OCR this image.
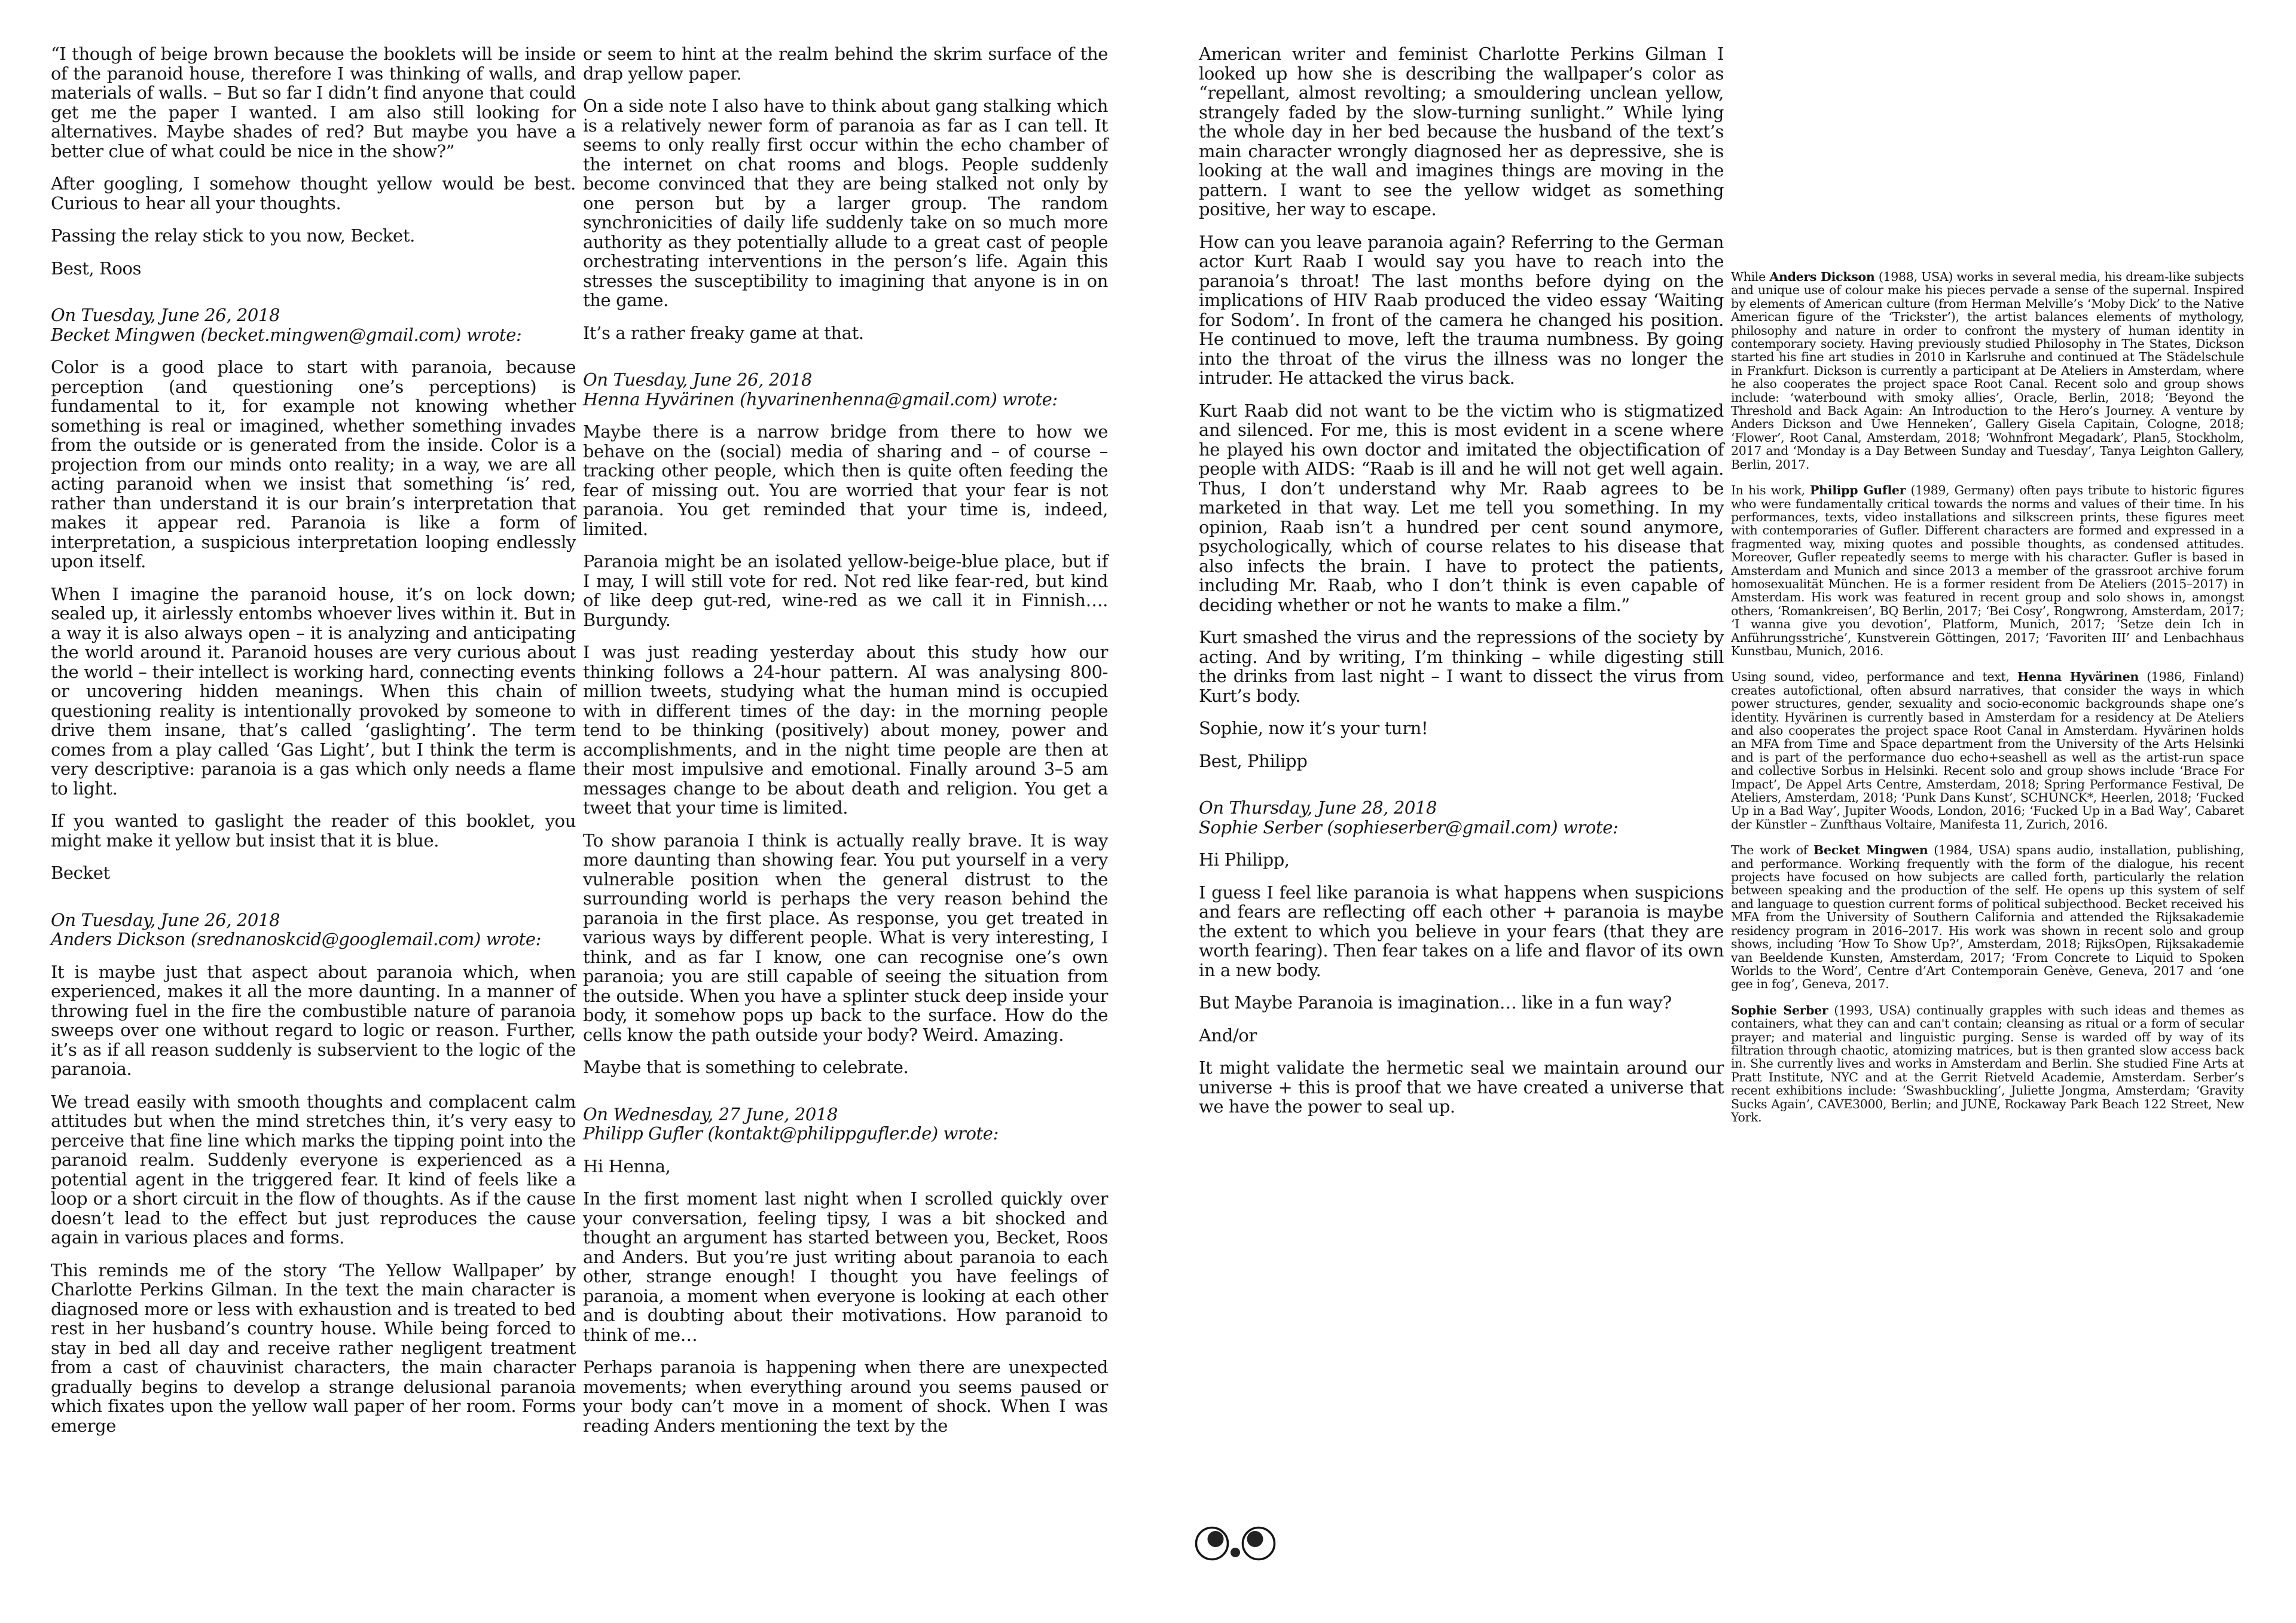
“I though of beige brown because the booklets will be inside of the paranoid house, therefore I was thinking of walls, and materials of walls. – But so far I didn’t find anyone that could get me the paper I wanted. I am also still looking for alternatives. Maybe shades of red? But maybe you have a better clue of what could be nice in the show?”

After googling, I somehow thought yellow would be best. Curious to hear all your thoughts.

Passing the relay stick to you now, Becket.

Best, Roos

On Tuesday, June 26, 2018
Becket Mingwen (becket.mingwen@gmail.com) wrote:

Color is a good place to start with paranoia, because perception (and questioning one’s perceptions) is fundamental to it, for example not knowing whether something is real or imagined, whether something invades from the outside or is generated from the inside. Color is a projection from our minds onto reality; in a way, we are all acting paranoid when we insist that something ‘is’ red, rather than understand it is our brain’s interpretation that makes it appear red. Paranoia is like a form of interpretation, a suspicious interpretation looping endlessly upon itself.

When I imagine the paranoid house, it’s on lock down; sealed up, it airlessly entombs whoever lives within it. But in a way it is also always open – it is analyzing and anticipating the world around it. Paranoid houses are very curious about the world – their intellect is working hard, connecting events or uncovering hidden meanings. When this chain of questioning reality is intentionally provoked by someone to drive them insane, that’s called ‘gaslighting’. The term comes from a play called ‘Gas Light’, but I think the term is very descriptive: paranoia is a gas which only needs a flame to light.

If you wanted to gaslight the reader of this booklet, you might make it yellow but insist that it is blue.

Becket

On Tuesday, June 26, 2018
Anders Dickson (srednanoskcid@googlemail.com) wrote:

It is maybe just that aspect about paranoia which, when experienced, makes it all the more daunting. In a manner of throwing fuel in the fire the combustible nature of paranoia sweeps over one without regard to logic or reason. Further, it’s as if all reason suddenly is subservient to the logic of the paranoia.

We tread easily with smooth thoughts and complacent calm attitudes but when the mind stretches thin, it’s very easy to perceive that fine line which marks the tipping point into the paranoid realm. Suddenly everyone is experienced as a potential agent in the triggered fear. It kind of feels like a loop or a short circuit in the flow of thoughts. As if the cause doesn’t lead to the effect but just reproduces the cause again in various places and forms.

This reminds me of the story ‘The Yellow Wallpaper’ by Charlotte Perkins Gilman. In the text the main character is diagnosed more or less with exhaustion and is treated to bed rest in her husband’s country house. While being forced to stay in bed all day and receive rather negligent treatment from a cast of chauvinist characters, the main character gradually begins to develop a strange delusional paranoia which fixates upon the yellow wall paper of her room. Forms emerge

or seem to hint at the realm behind the skrim surface of the drap yellow paper.

On a side note I also have to think about gang stalking which is a relatively newer form of paranoia as far as I can tell. It seems to only really first occur within the echo chamber of the internet on chat rooms and blogs. People suddenly become convinced that they are being stalked not only by one person but by a larger group. The random synchronicities of daily life suddenly take on so much more authority as they potentially allude to a great cast of people orchestrating interventions in the person’s life. Again this stresses the susceptibility to imagining that anyone is in on the game.

It’s a rather freaky game at that.

On Tuesday, June 26, 2018
Henna Hyvärinen (hyvarinenhenna@gmail.com) wrote:

Maybe there is a narrow bridge from there to how we behave on the (social) media of sharing and – of course – tracking other people, which then is quite often feeding the fear of missing out. You are worried that your fear is not paranoia. You get reminded that your time is, indeed, limited.

Paranoia might be an isolated yellow-beige-blue place, but if I may, I will still vote for red. Not red like fear-red, but kind of like deep gut-red, wine-red as we call it in Finnish…. Burgundy.

I was just reading yesterday about this study how our thinking follows a 24-hour pattern. AI was analysing 800-million tweets, studying what the human mind is occupied with in different times of the day: in the morning people tend to be thinking (positively) about money, power and accomplishments, and in the night time people are then at their most impulsive and emotional. Finally around 3–5 am messages change to be about death and religion. You get a tweet that your time is limited.

To show paranoia I think is actually really brave. It is way more daunting than showing fear. You put yourself in a very vulnerable position when the general distrust to the surrounding world is perhaps the very reason behind the paranoia in the first place. As response, you get treated in various ways by different people. What is very interesting, I think, and as far I know, one can recognise one’s own paranoia; you are still capable of seeing the situation from the outside. When you have a splinter stuck deep inside your body, it somehow pops up back to the surface. How do the cells know the path outside your body? Weird. Amazing.

Maybe that is something to celebrate.

On Wednesday, 27 June, 2018
Philipp Gufler (kontakt@philippgufler.de) wrote:

Hi Henna,

In the first moment last night when I scrolled quickly over your conversation, feeling tipsy, I was a bit shocked and thought an argument has started between you, Becket, Roos and Anders. But you’re just writing about paranoia to each other, strange enough! I thought you have feelings of paranoia, a moment when everyone is looking at each other and is doubting about their motivations. How paranoid to think of me…

Perhaps paranoia is happening when there are unexpected movements; when everything around you seems paused or your body can’t move in a moment of shock. When I was reading Anders mentioning the text by the

American writer and feminist Charlotte Perkins Gilman I looked up how she is describing the wallpaper’s color as “repellant, almost revolting; a smouldering unclean yellow, strangely faded by the slow-turning sunlight.” While lying the whole day in her bed because the husband of the text’s main character wrongly diagnosed her as depressive, she is looking at the wall and imagines things are moving in the pattern. I want to see the yellow widget as something positive, her way to escape.

How can you leave paranoia again? Referring to the German actor Kurt Raab I would say you have to reach into the paranoia’s throat! The last months before dying on the implications of HIV Raab produced the video essay ‘Waiting for Sodom’. In front of the camera he changed his position. He continued to move, left the trauma numbness. By going into the throat of the virus the illness was no longer the intruder. He attacked the virus back.

Kurt Raab did not want to be the victim who is stigmatized and silenced. For me, this is most evident in a scene where he played his own doctor and imitated the objectification of people with AIDS: “Raab is ill and he will not get well again. Thus, I don’t understand why Mr. Raab agrees to be marketed in that way. Let me tell you something. In my opinion, Raab isn’t a hundred per cent sound anymore, psychologically, which of course relates to his disease that also infects the brain. I have to protect the patients, including Mr. Raab, who I don’t think is even capable of deciding whether or not he wants to make a film.”

Kurt smashed the virus and the repressions of the society by acting. And by writing, I’m thinking – while digesting still the drinks from last night – I want to dissect the virus from Kurt’s body.

Sophie, now it’s your turn!

Best, Philipp

On Thursday, June 28, 2018
Sophie Serber (sophieserber@gmail.com) wrote:

Hi Philipp,

I guess I feel like paranoia is what happens when suspicions and fears are reflecting off each other + paranoia is maybe the extent to which you believe in your fears (that they are worth fearing). Then fear takes on a life and flavor of its own in a new body.

But Maybe Paranoia is imagination… like in a fun way?

And/or

It might validate the hermetic seal we maintain around our universe + this is proof that we have created a universe that we have the power to seal up.

While Anders Dickson (1988, USA) works in several media, his dream-like subjects and unique use of colour make his pieces pervade a sense of the supernal. Inspired by elements of American culture (from Herman Melville’s ‘Moby Dick’ to the Native American figure of the ‘Trickster’), the artist balances elements of mythology, philosophy and nature in order to confront the mystery of human identity in contemporary society. Having previously studied Philosophy in The States, Dickson started his fine art studies in 2010 in Karlsruhe and continued at The Städelschule in Frankfurt. Dickson is currently a participant at De Ateliers in Amsterdam, where he also cooperates the project space Root Canal. Recent solo and group shows include: ‘waterbound with smoky allies’, Oracle, Berlin, 2018; ‘Beyond the Threshold and Back Again: An Introduction to the Hero’s Journey. A venture by Anders Dickson and Uwe Henneken’, Gallery Gisela Capitain, Cologne, 2018; ‘Flower’, Root Canal, Amsterdam, 2018; ‘Wohnfront Megadark’, Plan5, Stockholm, 2017 and ‘Monday is a Day Between Sunday and Tuesday’, Tanya Leighton Gallery, Berlin, 2017.

In his work, Philipp Gufler (1989, Germany) often pays tribute to historic figures who were fundamentally critical towards the norms and values of their time. In his performances, texts, video installations and silkscreen prints, these figures meet with contemporaries of Gufler. Different characters are formed and expressed in a fragmented way, mixing quotes and possible thoughts, as condensed attitudes. Moreover, Gufler repeatedly seems to merge with his character. Gufler is based in Amsterdam and Munich and since 2013 a member of the grassroot archive forum homosexualität München. He is a former resident from De Ateliers (2015–2017) in Amsterdam. His work was featured in recent group and solo shows in, amongst others, ‘Romankreisen’, BQ Berlin, 2017; ‘Bei Cosy’, Rongwrong, Amsterdam, 2017; ‘I wanna give you devotion’, Platform, Munich, 2017; ‘Setze dein Ich in Anführungsstriche’, Kunstverein Göttingen, 2017; ‘Favoriten III’ and Lenbachhaus Kunstbau, Munich, 2016.

Using sound, video, performance and text, Henna Hyvärinen (1986, Finland) creates autofictional, often absurd narratives, that consider the ways in which power structures, gender, sexuality and socio-economic backgrounds shape one’s identity. Hyvärinen is currently based in Amsterdam for a residency at De Ateliers and also cooperates the project space Root Canal in Amsterdam. Hyvärinen holds an MFA from Time and Space department from the University of the Arts Helsinki and is part of the performance duo echo+seashell as well as the artist-run space and collective Sorbus in Helsinki. Recent solo and group shows include ‘Brace For Impact’, De Appel Arts Centre, Amsterdam, 2018; Spring Performance Festival, De Ateliers, Amsterdam, 2018; ‘Punk Dans Kunst’, SCHUNCK*, Heerlen, 2018; ‘Fucked Up in a Bad Way’, Jupiter Woods, London, 2016; ‘Fucked Up in a Bad Way’, Cabaret der Künstler – Zunfthaus Voltaire, Manifesta 11, Zurich, 2016.

The work of Becket Mingwen (1984, USA) spans audio, installation, publishing, and performance. Working frequently with the form of the dialogue, his recent projects have focused on how subjects are called forth, particularly the relation between speaking and the production of the self. He opens up this system of self and language to question current forms of political subjecthood. Becket received his MFA from the University of Southern California and attended the Rijksakademie residency program in 2016–2017. His work was shown in recent solo and group shows, including ‘How To Show Up?’, Amsterdam, 2018; RijksOpen, Rijksakademie van Beeldende Kunsten, Amsterdam, 2017; ‘From Concrete to Liquid to Spoken Worlds to the Word’, Centre d’Art Contemporain Genève, Geneva, 2017 and ‘one gee in fog’, Geneva, 2017.

Sophie Serber (1993, USA) continually grapples with such ideas and themes as containers, what they can and can't contain; cleansing as ritual or a form of secular prayer; and material and linguistic purging. Sense is warded off by way of its filtration through chaotic, atomizing matrices, but is then granted slow access back in. She currently lives and works in Amsterdam and Berlin. She studied Fine Arts at Pratt Institute, NYC and at the Gerrit Rietveld Academie, Amsterdam. Serber’s recent exhibitions include: ‘Swashbuckling’, Juliette Jongma, Amsterdam; ‘Gravity Sucks Again’, CAVE3000, Berlin; and JUNE, Rockaway Park Beach 122 Street, New York.
